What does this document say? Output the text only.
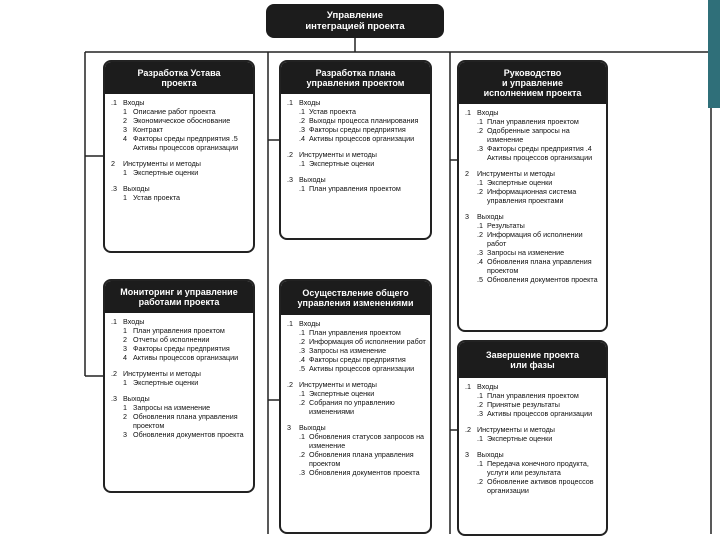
Управление
интеграцией проекта
Разработка Устава
проекта
.1 Входы
1 Описание работ проекта
2 Экономическое обоснование
3 Контракт
4 Факторы среды предприятия .5
Активы процессов организации
2	Инструменты и методы
1 Экспертные оценки
.3 Выходы
1 Устав проекта
Разработка плана
управления проектом
.1 Входы
.1 Устав проекта
.2 Выходы процесса планирования
.3 Факторы среды предприятия
.4 Активы процессов организации
.2 Инструменты и методы
.1 Экспертные оценки
.3 Выходы
.1 План управления проектом
Руководство
и управление
исполнением проекта
.1 Входы
.1 План управления проектом
.2 Одобренные запросы на
изменение
.3 Факторы среды предприятия .4
Активы процессов организации
2	Инструменты и методы
.1 Экспертные оценки
.2 Информационная система
управления проектами
3	Выходы
.1 Результаты
.2 Информация об исполнении работ
.3 Запросы на изменение
.4 Обновления плана управления
проектом
.5 Обновления документов проекта
Мониторинг и управление
работами проекта
.1 Входы
1 План управления проектом
2 Отчеты об исполнении
3 Факторы среды предприятия
4 Активы процессов организации
.2 Инструменты и методы
1 Экспертные оценки
.3 Выходы
1 Запросы на изменение
2 Обновления плана управления
проектом
3 Обновления документов проекта
Осуществление общего
управления изменениями
.1 Входы
.1 План управления проектом
.2 Информация об исполнении работ
.3 Запросы на изменение
.4 Факторы среды предприятия
.5 Активы процессов организации
.2 Инструменты и методы
.1 Экспертные оценки
.2 Собрания по управлению
изменениями
3	Выходы
.1 Обновления статусов запросов на
изменение
.2 Обновления плана управления
проектом
.3 Обновления документов проекта
Завершение проекта
или фазы
.1 Входы
.1 План управления проектом
.2 Принятые результаты
.3 Активы процессов организации
.2 Инструменты и методы
.1 Экспертные оценки
3	Выходы
.1 Передача конечного продукта,
услуги или результата
.2 Обновление активов процессов
организации
